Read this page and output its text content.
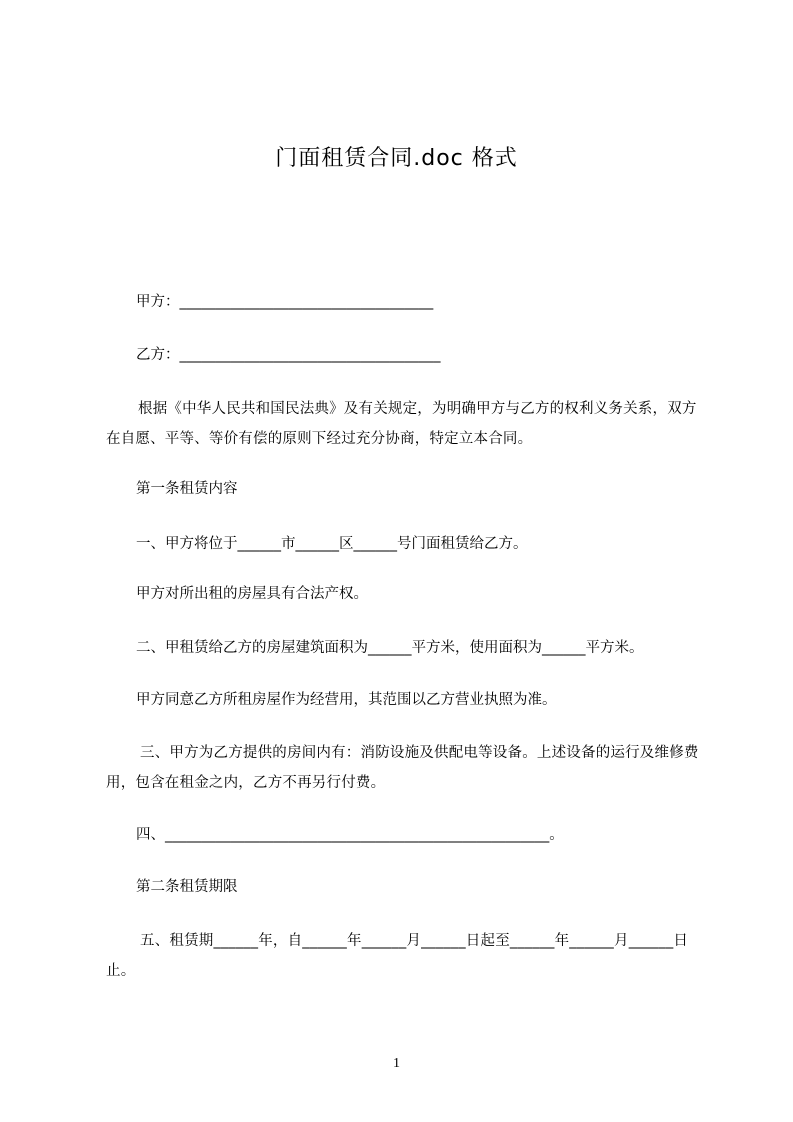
门面租赁合同.doc 格式

甲方：___________________________________

乙方：____________________________________

根据《中华人民共和国民法典》及有关规定，为明确甲方与乙方的权利义务关系，双方在自愿、平等、等价有偿的原则下经过充分协商，特定立本合同。

第一条租赁内容

一、甲方将位于______市______区______号门面租赁给乙方。

甲方对所出租的房屋具有合法产权。

二、甲租赁给乙方的房屋建筑面积为______平方米，使用面积为______平方米。

甲方同意乙方所租房屋作为经营用，其范围以乙方营业执照为准。

三、甲方为乙方提供的房间内有：消防设施及供配电等设备。上述设备的运行及维修费用，包含在租金之内，乙方不再另行付费。

四、_____________________________________________________。

第二条租赁期限

五、租赁期______年，自______年______月______日起至______年______月______日止。

1
